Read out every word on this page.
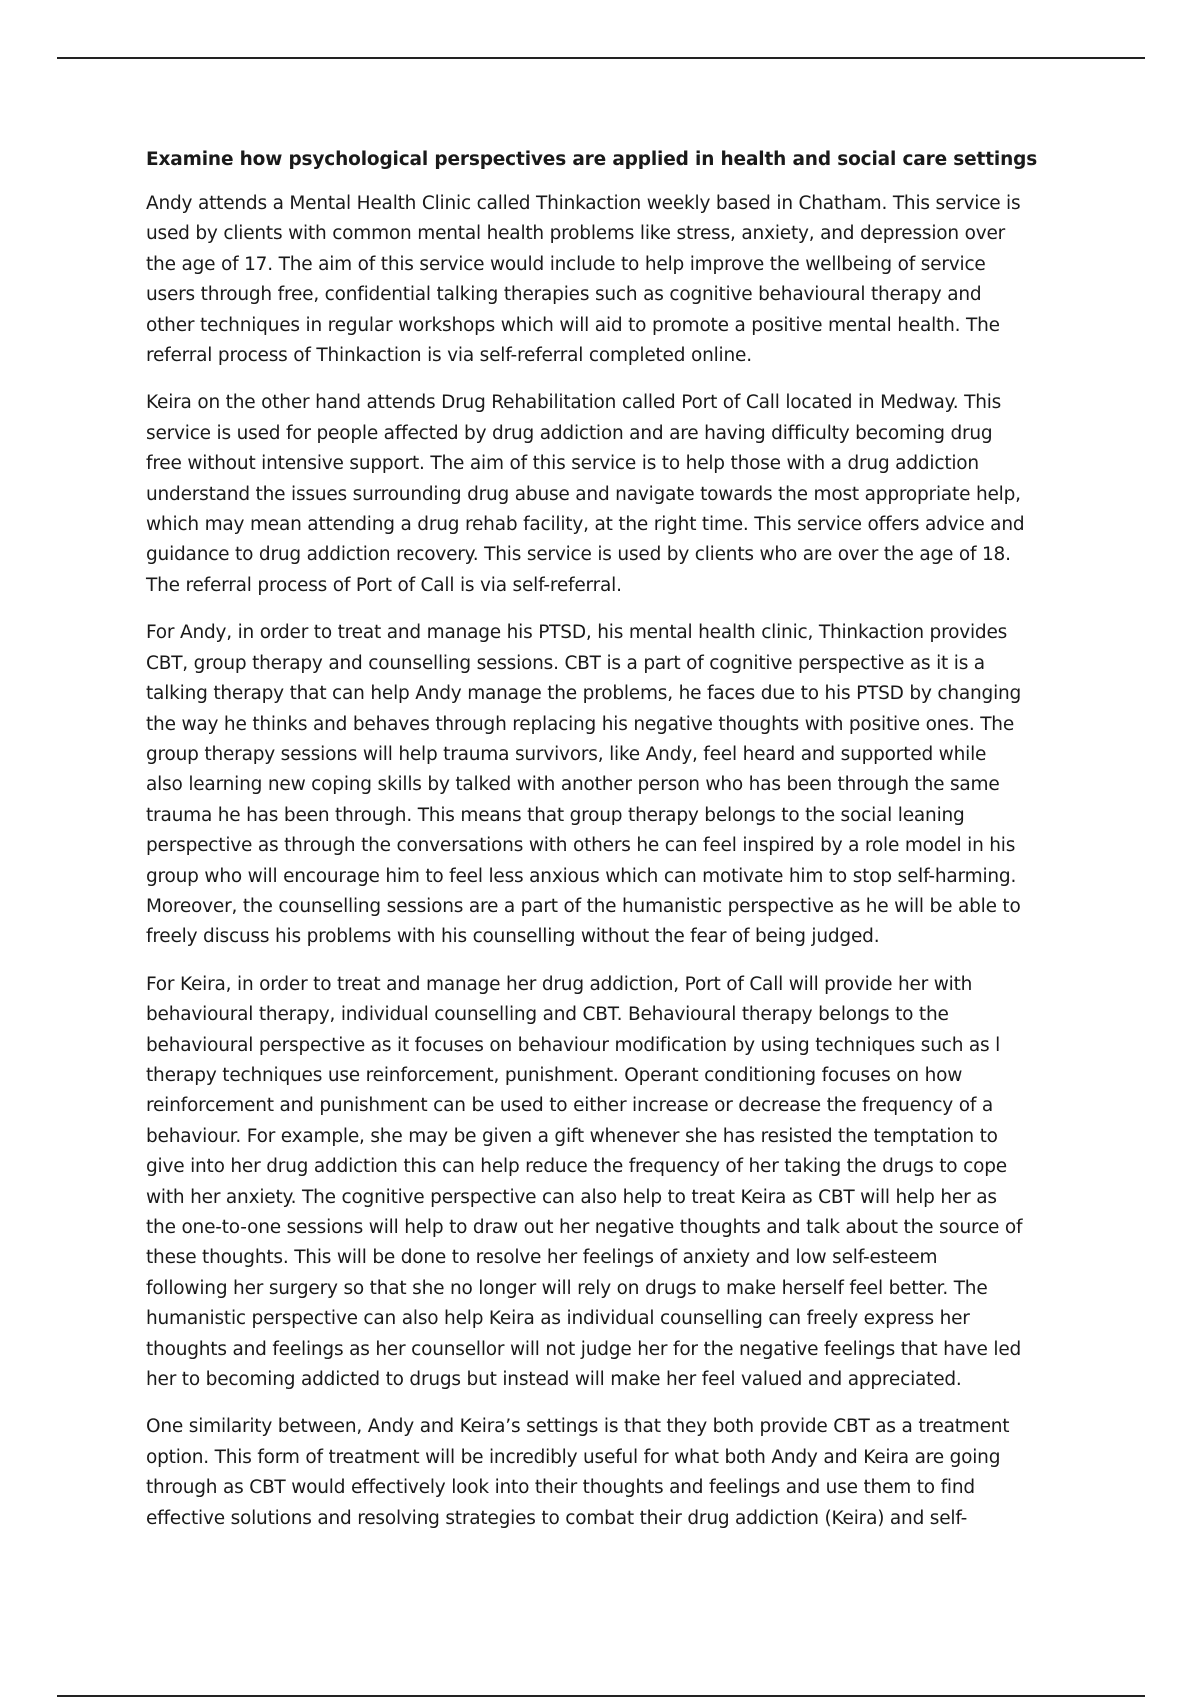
Examine how psychological perspectives are applied in health and social care settings

Andy attends a Mental Health Clinic called Thinkaction weekly based in Chatham. This service is
used by clients with common mental health problems like stress, anxiety, and depression over
the age of 17. The aim of this service would include to help improve the wellbeing of service
users through free, confidential talking therapies such as cognitive behavioural therapy and
other techniques in regular workshops which will aid to promote a positive mental health. The
referral process of Thinkaction is via self-referral completed online.

Keira on the other hand attends Drug Rehabilitation called Port of Call located in Medway. This
service is used for people affected by drug addiction and are having difficulty becoming drug
free without intensive support. The aim of this service is to help those with a drug addiction
understand the issues surrounding drug abuse and navigate towards the most appropriate help,
which may mean attending a drug rehab facility, at the right time. This service offers advice and
guidance to drug addiction recovery. This service is used by clients who are over the age of 18.
The referral process of Port of Call is via self-referral.

For Andy, in order to treat and manage his PTSD, his mental health clinic, Thinkaction provides
CBT, group therapy and counselling sessions. CBT is a part of cognitive perspective as it is a
talking therapy that can help Andy manage the problems, he faces due to his PTSD by changing
the way he thinks and behaves through replacing his negative thoughts with positive ones. The
group therapy sessions will help trauma survivors, like Andy, feel heard and supported while
also learning new coping skills by talked with another person who has been through the same
trauma he has been through. This means that group therapy belongs to the social leaning
perspective as through the conversations with others he can feel inspired by a role model in his
group who will encourage him to feel less anxious which can motivate him to stop self-harming.
Moreover, the counselling sessions are a part of the humanistic perspective as he will be able to
freely discuss his problems with his counselling without the fear of being judged.

For Keira, in order to treat and manage her drug addiction, Port of Call will provide her with
behavioural therapy, individual counselling and CBT. Behavioural therapy belongs to the
behavioural perspective as it focuses on behaviour modification by using techniques such as l
therapy techniques use reinforcement, punishment. Operant conditioning focuses on how
reinforcement and punishment can be used to either increase or decrease the frequency of a
behaviour. For example, she may be given a gift whenever she has resisted the temptation to
give into her drug addiction this can help reduce the frequency of her taking the drugs to cope
with her anxiety. The cognitive perspective can also help to treat Keira as CBT will help her as
the one-to-one sessions will help to draw out her negative thoughts and talk about the source of
these thoughts. This will be done to resolve her feelings of anxiety and low self-esteem
following her surgery so that she no longer will rely on drugs to make herself feel better. The
humanistic perspective can also help Keira as individual counselling can freely express her
thoughts and feelings as her counsellor will not judge her for the negative feelings that have led
her to becoming addicted to drugs but instead will make her feel valued and appreciated.

One similarity between, Andy and Keira’s settings is that they both provide CBT as a treatment
option. This form of treatment will be incredibly useful for what both Andy and Keira are going
through as CBT would effectively look into their thoughts and feelings and use them to find
effective solutions and resolving strategies to combat their drug addiction (Keira) and self-
